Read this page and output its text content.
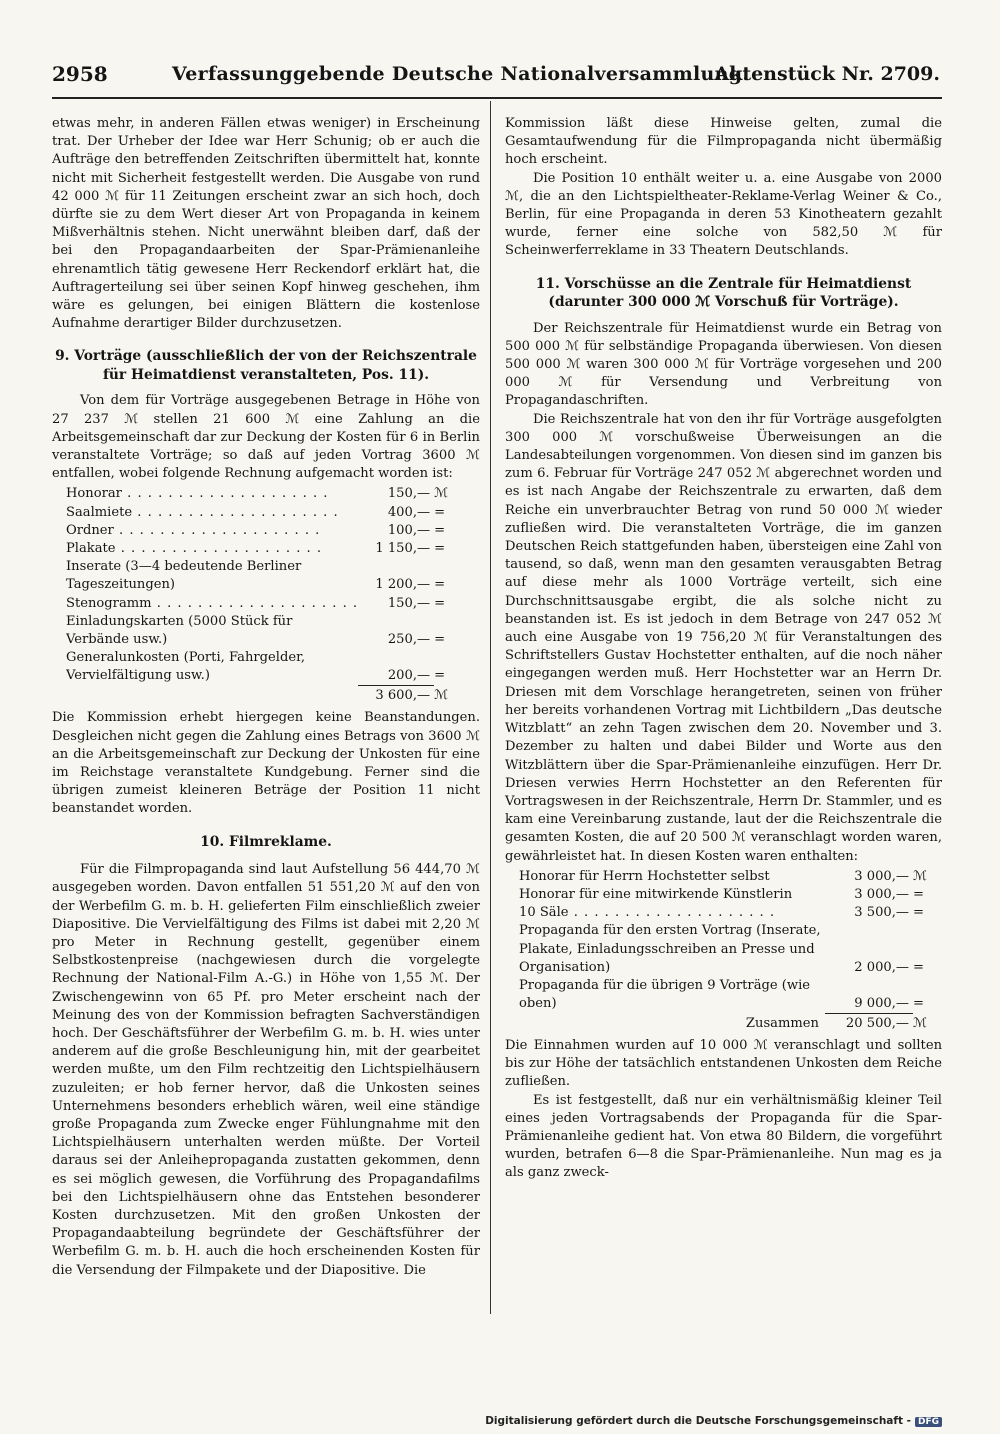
2958	Verfassunggebende Deutsche Nationalversammlung.
Aktenstück Nr. 2709.

etwas mehr, in anderen Fällen etwas weniger) in Erscheinung trat. Der Urheber der Idee war Herr Schunig; ob er auch die Aufträge den betreffenden Zeitschriften übermittelt hat, konnte nicht mit Sicherheit festgestellt werden. Die Ausgabe von rund 42 000 ℳ für 11 Zeitungen erscheint zwar an sich hoch, doch dürfte sie zu dem Wert dieser Art von Propaganda in keinem Mißverhältnis stehen. Nicht unerwähnt bleiben darf, daß der bei den Propagandaarbeiten der Spar-Prämienanleihe ehrenamtlich tätig gewesene Herr Reckendorf erklärt hat, die Auftragerteilung sei über seinen Kopf hinweg geschehen, ihm wäre es gelungen, bei einigen Blättern die kostenlose Aufnahme derartiger Bilder durchzusetzen.

9. Vorträge (ausschließlich der von der Reichszentrale für Heimatdienst veranstalteten, Pos. 11).

Von dem für Vorträge ausgegebenen Betrage in Höhe von 27 237 ℳ stellen 21 600 ℳ eine Zahlung an die Arbeitsgemeinschaft dar zur Deckung der Kosten für 6 in Berlin veranstaltete Vorträge; so daß auf jeden Vortrag 3600 ℳ entfallen, wobei folgende Rechnung aufgemacht worden ist:

Honorar . . .	150,—	ℳ
Saalmiete . . .	400,—	=
Ordner . . .	100,—	=
Plakate . . .	1 150,—	=
Inserate (3—4 bedeutende Berliner Tageszeitungen)	1 200,—	=
Stenogramm . . .	150,—	=
Einladungskarten (5000 Stück für Verbände usw.)	250,—	=
Generalunkosten (Porti, Fahrgelder, Vervielfältigung usw.)	200,—	=
	3 600,—	ℳ

Die Kommission erhebt hiergegen keine Beanstandungen. Desgleichen nicht gegen die Zahlung eines Betrags von 3600 ℳ an die Arbeitsgemeinschaft zur Deckung der Unkosten für eine im Reichstage veranstaltete Kundgebung. Ferner sind die übrigen zumeist kleineren Beträge der Position 11 nicht beanstandet worden.

10. Filmreklame.

Für die Filmpropaganda sind laut Aufstellung 56 444,70 ℳ ausgegeben worden. Davon entfallen 51 551,20 ℳ auf den von der Werbefilm G. m. b. H. gelieferten Film einschließlich zweier Diapositive. Die Vervielfältigung des Films ist dabei mit 2,20 ℳ pro Meter in Rechnung gestellt, gegenüber einem Selbstkostenpreise (nachgewiesen durch die vorgelegte Rechnung der National-Film A.-G.) in Höhe von 1,55 ℳ. Der Zwischengewinn von 65 Pf. pro Meter erscheint nach der Meinung des von der Kommission befragten Sachverständigen hoch. Der Geschäftsführer der Werbefilm G. m. b. H. wies unter anderem auf die große Beschleunigung hin, mit der gearbeitet werden mußte, um den Film rechtzeitig den Lichtspielhäusern zuzuleiten; er hob ferner hervor, daß die Unkosten seines Unternehmens besonders erheblich wären, weil eine ständige große Propaganda zum Zwecke enger Fühlungnahme mit den Lichtspielhäusern unterhalten werden müßte. Der Vorteil daraus sei der Anleihepropaganda zustatten gekommen, denn es sei möglich gewesen, die Vorführung des Propagandafilms bei den Lichtspielhäusern ohne das Entstehen besonderer Kosten durchzusetzen. Mit den großen Unkosten der Propagandaabteilung begründete der Geschäftsführer der Werbefilm G. m. b. H. auch die hoch erscheinenden Kosten für die Versendung der Filmpakete und der Diapositive. Die

Kommission läßt diese Hinweise gelten, zumal die Gesamtaufwendung für die Filmpropaganda nicht übermäßig hoch erscheint.

Die Position 10 enthält weiter u. a. eine Ausgabe von 2000 ℳ, die an den Lichtspieltheater-Reklame-Verlag Weiner & Co., Berlin, für eine Propaganda in deren 53 Kinotheatern gezahlt wurde, ferner eine solche von 582,50 ℳ für Scheinwerferreklame in 33 Theatern Deutschlands.

11. Vorschüsse an die Zentrale für Heimatdienst (darunter 300 000 ℳ Vorschuß für Vorträge).

Der Reichszentrale für Heimatdienst wurde ein Betrag von 500 000 ℳ für selbständige Propaganda überwiesen. Von diesen 500 000 ℳ waren 300 000 ℳ für Vorträge vorgesehen und 200 000 ℳ für Versendung und Verbreitung von Propagandaschriften.

Die Reichszentrale hat von den ihr für Vorträge ausgefolgten 300 000 ℳ vorschußweise Überweisungen an die Landesabteilungen vorgenommen. Von diesen sind im ganzen bis zum 6. Februar für Vorträge 247 052 ℳ abgerechnet worden und es ist nach Angabe der Reichszentrale zu erwarten, daß dem Reiche ein unverbrauchter Betrag von rund 50 000 ℳ wieder zufließen wird. Die veranstalteten Vorträge, die im ganzen Deutschen Reich stattgefunden haben, übersteigen eine Zahl von tausend, so daß, wenn man den gesamten verausgabten Betrag auf diese mehr als 1000 Vorträge verteilt, sich eine Durchschnittsausgabe ergibt, die als solche nicht zu beanstanden ist. Es ist jedoch in dem Betrage von 247 052 ℳ auch eine Ausgabe von 19 756,20 ℳ für Veranstaltungen des Schriftstellers Gustav Hochstetter enthalten, auf die noch näher eingegangen werden muß. Herr Hochstetter war an Herrn Dr. Driesen mit dem Vorschlage herangetreten, seinen von früher her bereits vorhandenen Vortrag mit Lichtbildern „Das deutsche Witzblatt“ an zehn Tagen zwischen dem 20. November und 3. Dezember zu halten und dabei Bilder und Worte aus den Witzblättern über die Spar-Prämienanleihe einzufügen. Herr Dr. Driesen verwies Herrn Hochstetter an den Referenten für Vortragswesen in der Reichszentrale, Herrn Dr. Stammler, und es kam eine Vereinbarung zustande, laut der die Reichszentrale die gesamten Kosten, die auf 20 500 ℳ veranschlagt worden waren, gewährleistet hat. In diesen Kosten waren enthalten:

Honorar für Herrn Hochstetter selbst	3 000,—	ℳ
Honorar für eine mitwirkende Künstlerin	3 000,—	=
10 Säle . . .	3 500,—	=
Propaganda für den ersten Vortrag (Inserate, Plakate, Einladungsschreiben an Presse und Organisation)	2 000,—	=
Propaganda für die übrigen 9 Vorträge (wie oben)	9 000,—	=
Zusammen	20 500,—	ℳ

Die Einnahmen wurden auf 10 000 ℳ veranschlagt und sollten bis zur Höhe der tatsächlich entstandenen Unkosten dem Reiche zufließen.

Es ist festgestellt, daß nur ein verhältnismäßig kleiner Teil eines jeden Vortragsabends der Propaganda für die Spar-Prämienanleihe gedient hat. Von etwa 80 Bildern, die vorgeführt wurden, betrafen 6—8 die Spar-Prämienanleihe. Nun mag es ja als ganz zweck-

Digitalisierung gefördert durch die Deutsche Forschungsgemeinschaft - DFG
